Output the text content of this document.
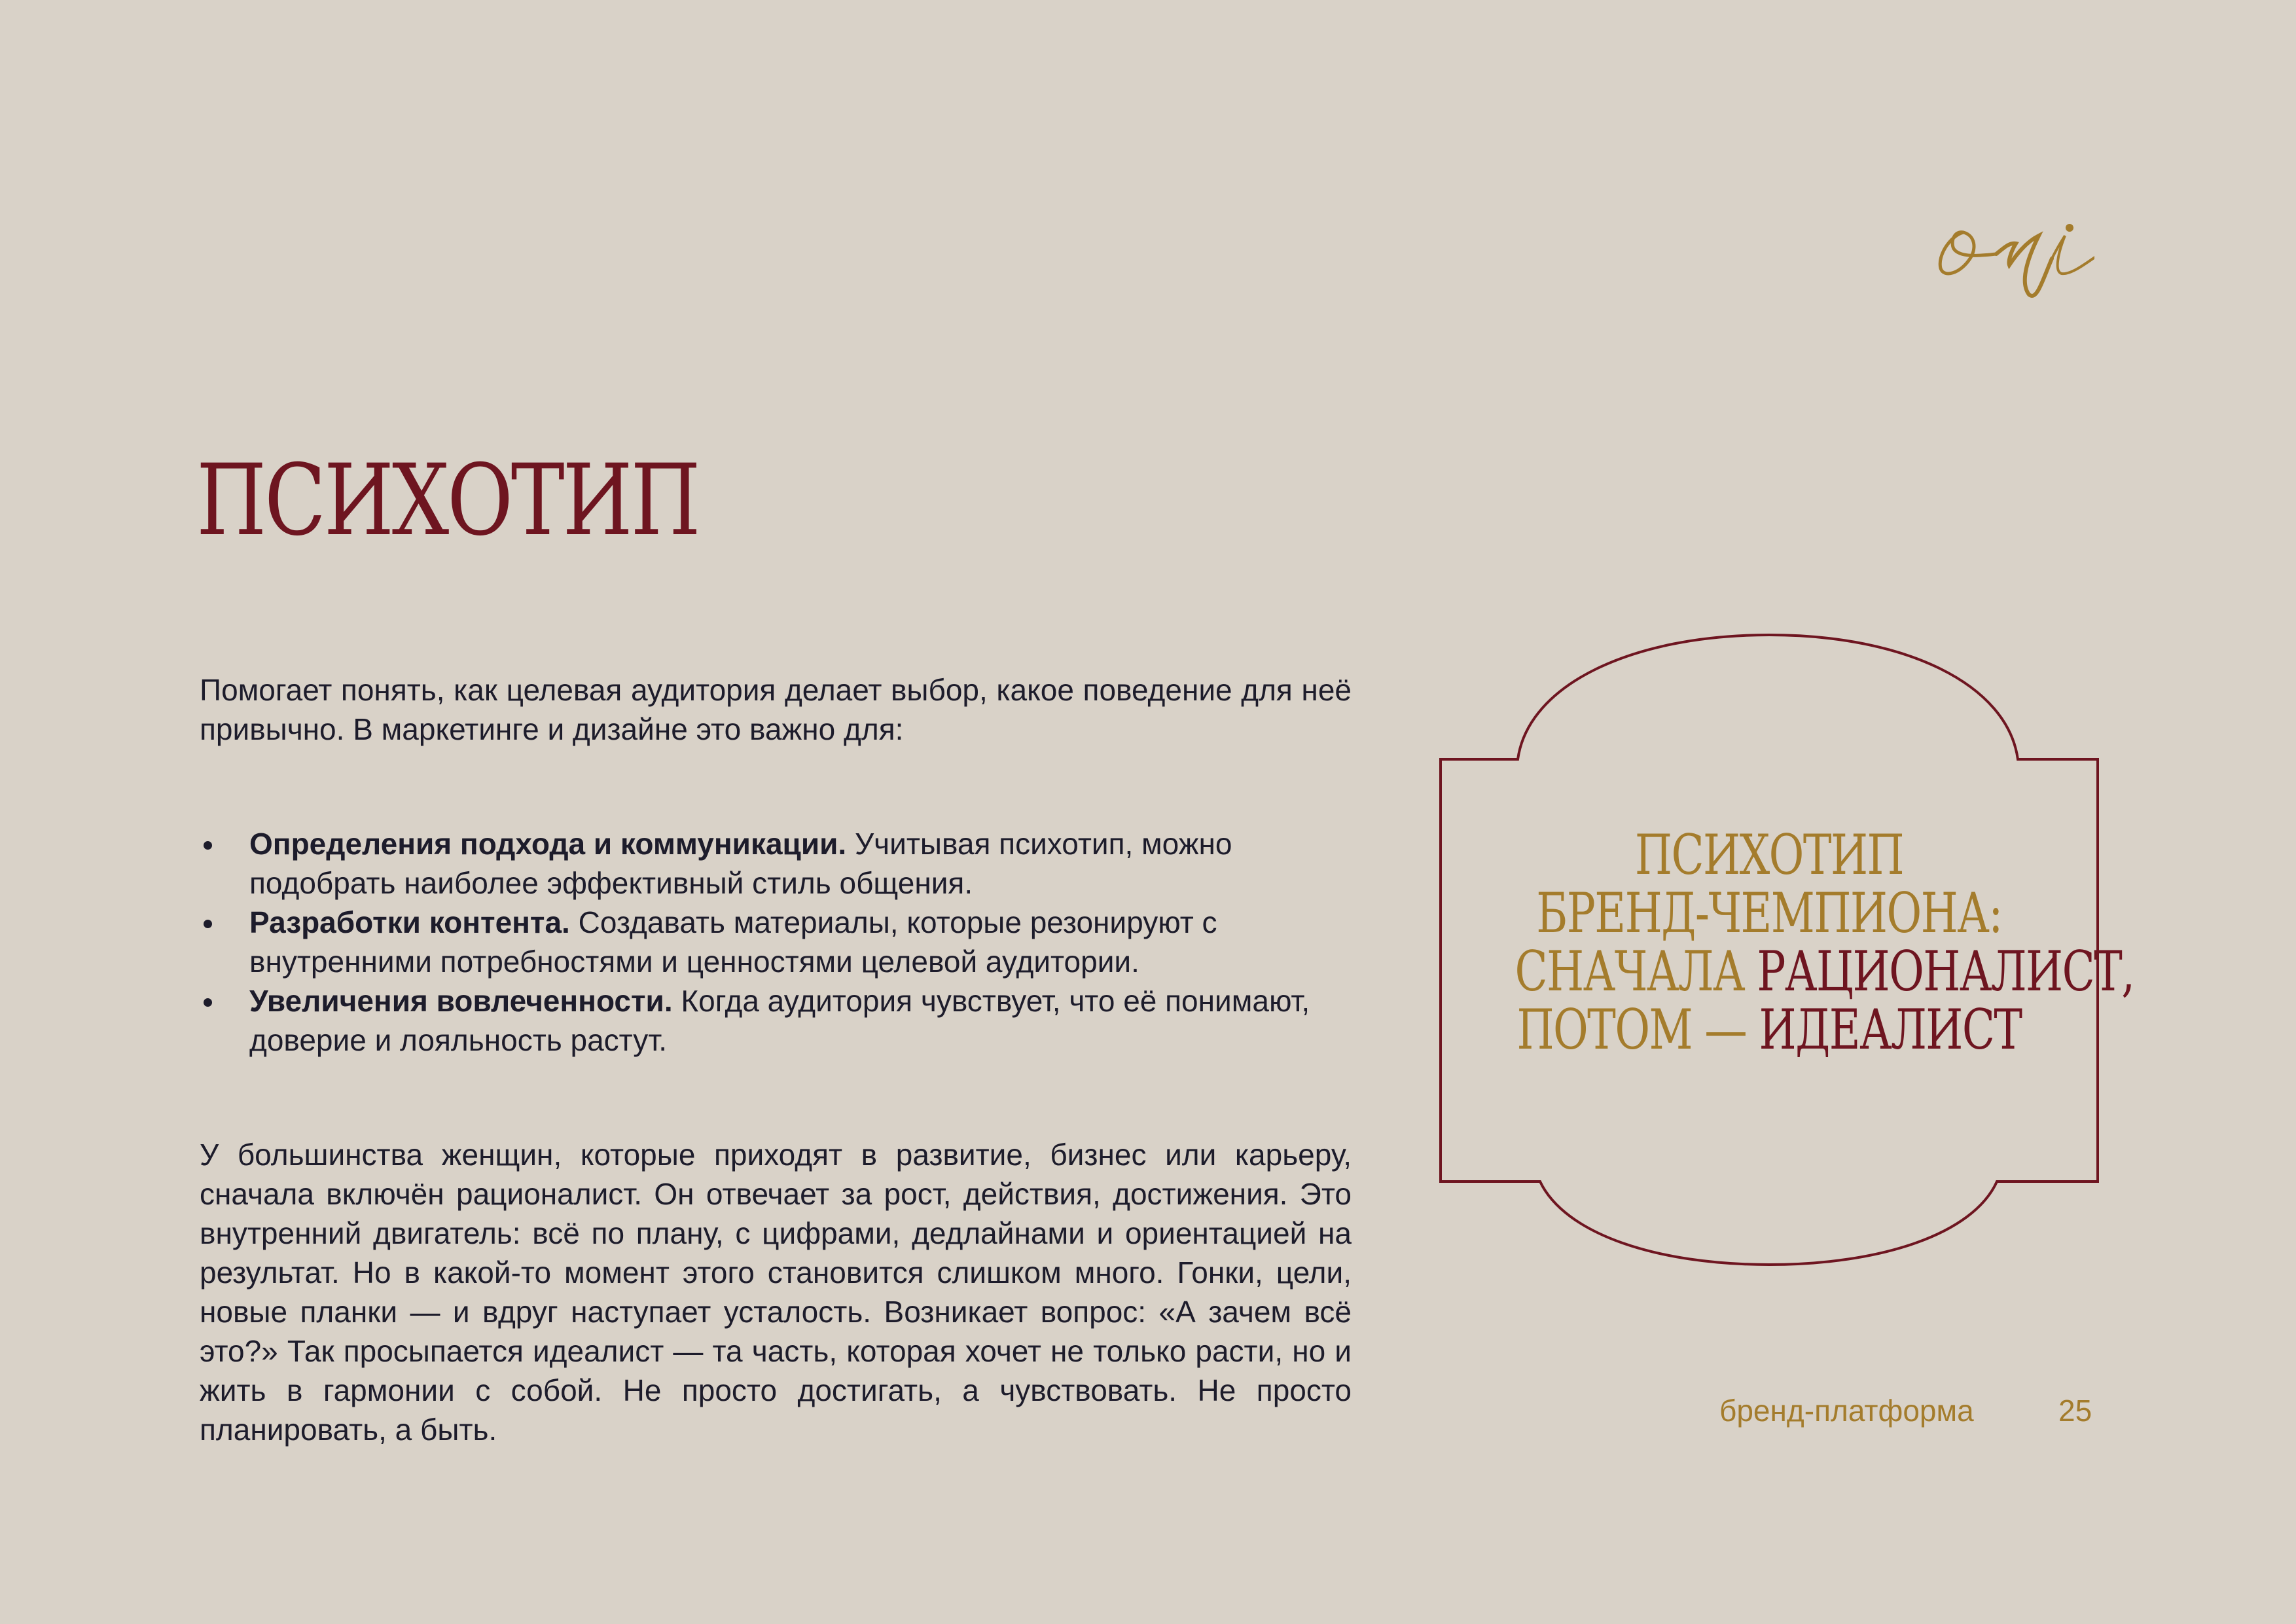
ПСИХОТИП

Помогает понять, как целевая аудитория делает выбор, какое поведение для неё привычно. В маркетинге и дизайне это важно для:

Определения подхода и коммуникации. Учитывая психотип, можно подобрать наиболее эффективный стиль общения.
Разработки контента. Создавать материалы, которые резонируют с внутренними потребностями и ценностями целевой аудитории.
Увеличения вовлеченности. Когда аудитория чувствует, что её понимают, доверие и лояльность растут.

У большинства женщин, которые приходят в развитие, бизнес или карьеру, сначала включён рационалист. Он отвечает за рост, действия, достижения. Это внутренний двигатель: всё по плану, с цифрами, дедлайнами и ориентацией на результат. Но в какой-то момент этого становится слишком много. Гонки, цели, новые планки — и вдруг наступает усталость. Возникает вопрос: «А зачем всё это?» Так просыпается идеалист — та часть, которая хочет не только расти, но и жить в гармонии с собой. Не просто достигать, а чувствовать. Не просто планировать, а быть.

ПСИХОТИП
БРЕНД-ЧЕМПИОНА:
СНАЧАЛА РАЦИОНАЛИСТ,
ПОТОМ — ИДЕАЛИСТ
бренд-платформа	25
